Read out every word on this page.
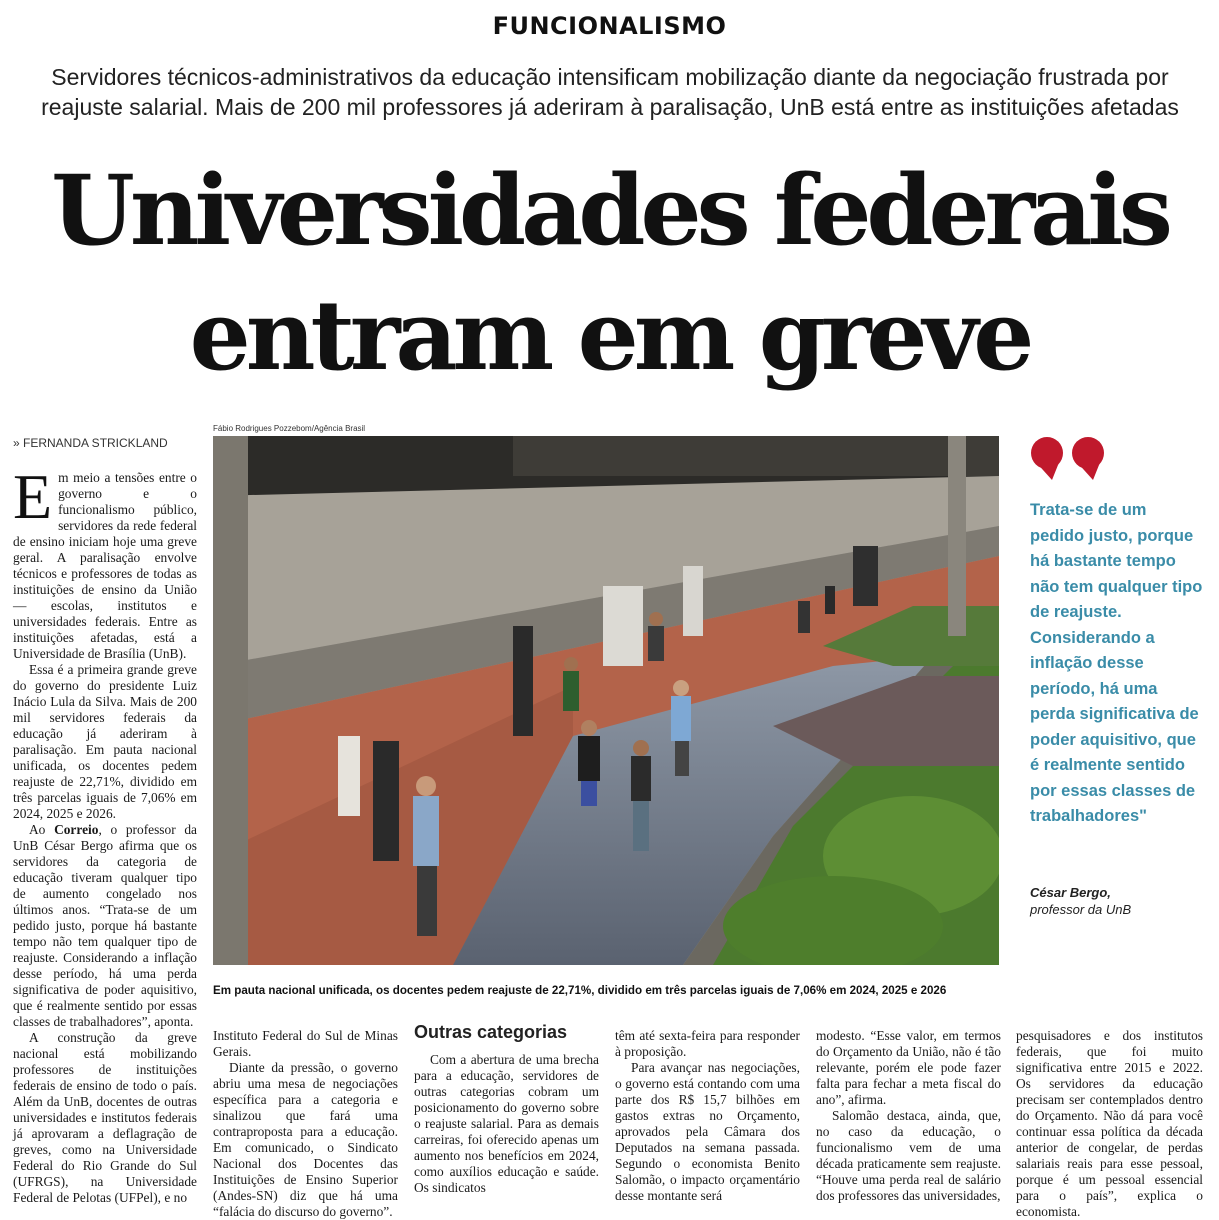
FUNCIONALISMO
Servidores técnicos-administrativos da educação intensificam mobilização diante da negociação frustrada por reajuste salarial. Mais de 200 mil professores já aderiram à paralisação, UnB está entre as instituições afetadas
Universidades federais
entram em greve
» FERNANDA STRICKLAND
E m meio a tensões entre o governo e o funcionalismo público, servidores da rede federal de ensino iniciam hoje uma greve geral. A paralisação envolve técnicos e professores de todas as instituições de ensino da União — escolas, institutos e universidades federais. Entre as instituições afetadas, está a Universidade de Brasília (UnB).

Essa é a primeira grande greve do governo do presidente Luiz Inácio Lula da Silva. Mais de 200 mil servidores federais da educação já aderiram à paralisação. Em pauta nacional unificada, os docentes pedem reajuste de 22,71%, dividido em três parcelas iguais de 7,06% em 2024, 2025 e 2026.

Ao Correio, o professor da UnB César Bergo afirma que os servidores da categoria de educação tiveram qualquer tipo de aumento congelado nos últimos anos. “Trata-se de um pedido justo, porque há bastante tempo não tem qualquer tipo de reajuste. Considerando a inflação desse período, há uma perda significativa de poder aquisitivo, que é realmente sentido por essas classes de trabalhadores”, aponta.

A construção da greve nacional está mobilizando professores de instituições federais de ensino de todo o país. Além da UnB, docentes de outras universidades e institutos federais já aprovaram a deflagração de greves, como na Universidade Federal do Rio Grande do Sul (UFRGS), na Universidade Federal de Pelotas (UFPel), e no

Fábio Rodrigues Pozzebom/Agência Brasil
Em pauta nacional unificada, os docentes pedem reajuste de 22,71%, dividido em três parcelas iguais de 7,06% em 2024, 2025 e 2026
Trata-se de um pedido justo, porque há bastante tempo não tem qualquer tipo de reajuste. Considerando a inflação desse período, há uma perda significativa de poder aquisitivo, que é realmente sentido por essas classes de trabalhadores"
César Bergo,
professor da UnB

Instituto Federal do Sul de Minas Gerais.

Diante da pressão, o governo abriu uma mesa de negociações específica para a categoria e sinalizou que fará uma contraproposta para a educação. Em comunicado, o Sindicato Nacional dos Docentes das Instituições de Ensino Superior (Andes-SN) diz que há uma “falácia do discurso do governo”.

Outras categorias

Com a abertura de uma brecha para a educação, servidores de outras categorias cobram um posicionamento do governo sobre o reajuste salarial. Para as demais carreiras, foi oferecido apenas um aumento nos benefícios em 2024, como auxílios educação e saúde. Os sindicatos

têm até sexta-feira para responder à proposição.

Para avançar nas negociações, o governo está contando com uma parte dos R$ 15,7 bilhões em gastos extras no Orçamento, aprovados pela Câmara dos Deputados na semana passada. Segundo o economista Benito Salomão, o impacto orçamentário desse montante será

modesto. “Esse valor, em termos do Orçamento da União, não é tão relevante, porém ele pode fazer falta para fechar a meta fiscal do ano”, afirma.

Salomão destaca, ainda, que, no caso da educação, o funcionalismo vem de uma década praticamente sem reajuste. “Houve uma perda real de salário dos professores das universidades,

pesquisadores e dos institutos federais, que foi muito significativa entre 2015 e 2022. Os servidores da educação precisam ser contemplados dentro do Orçamento. Não dá para você continuar essa política da década anterior de congelar, de perdas salariais reais para esse pessoal, porque é um pessoal essencial para o país”, explica o economista.
